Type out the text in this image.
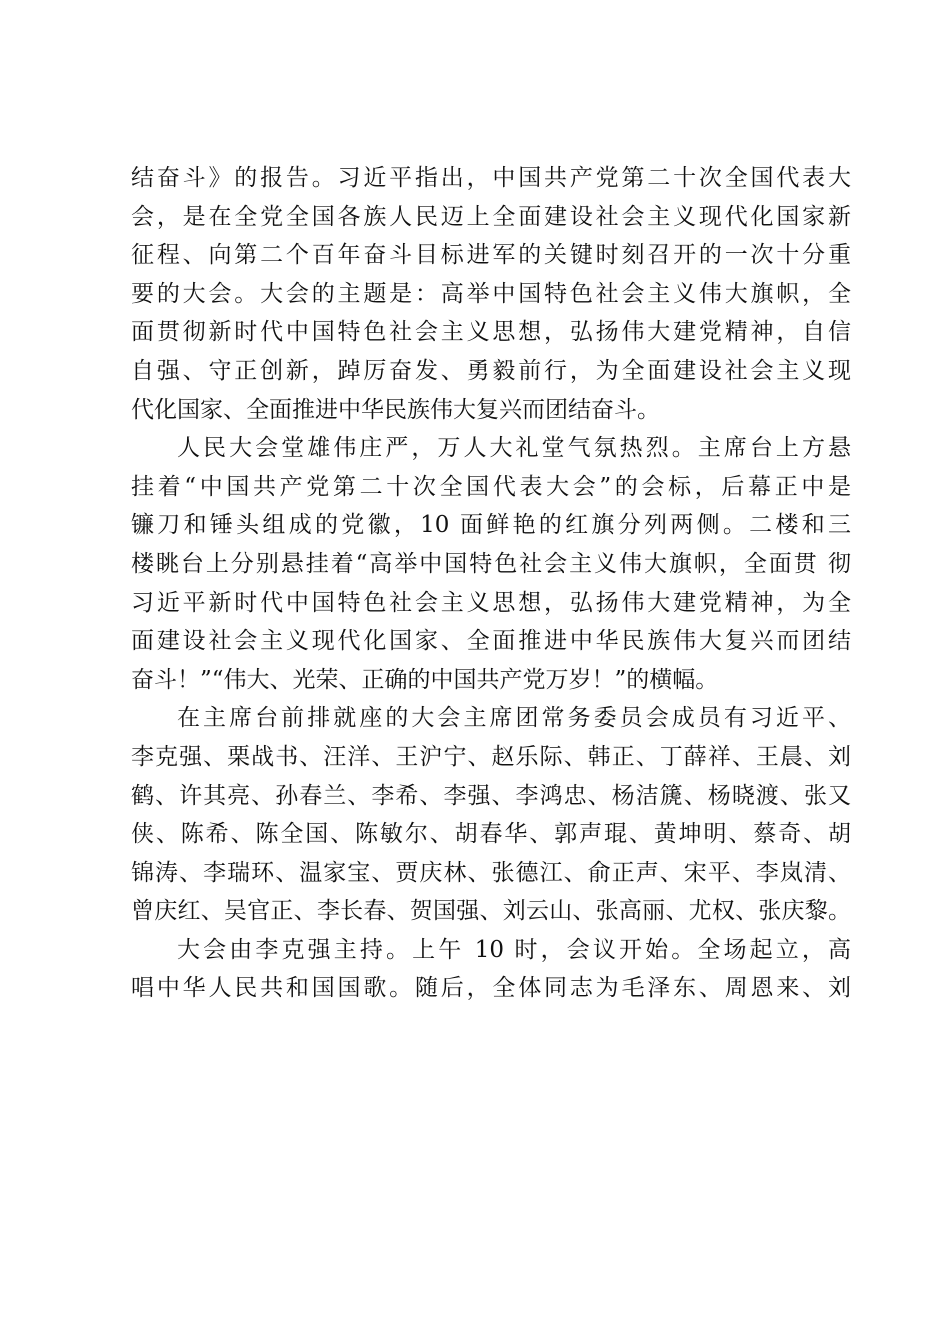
结奋斗》的报告。习近平指出，中国共产党第二十次全国代表大
会，是在全党全国各族人民迈上全面建设社会主义现代化国家新
征程、向第二个百年奋斗目标进军的关键时刻召开的一次十分重
要的大会。大会的主题是：高举中国特色社会主义伟大旗帜，全
面贯彻新时代中国特色社会主义思想，弘扬伟大建党精神，自信
自强、守正创新，踔厉奋发、勇毅前行，为全面建设社会主义现
代化国家、全面推进中华民族伟大复兴而团结奋斗。
人民大会堂雄伟庄严，万人大礼堂气氛热烈。主席台上方悬
挂着“中国共产党第二十次全国代表大会”的会标，后幕正中是
镰刀和锤头组成的党徽，10 面鲜艳的红旗分列两侧。二楼和三
楼眺台上分别悬挂着“高举中国特色社会主义伟大旗帜，全面贯 彻
习近平新时代中国特色社会主义思想，弘扬伟大建党精神，为全
面建设社会主义现代化国家、全面推进中华民族伟大复兴而团结
奋斗！”“伟大、光荣、正确的中国共产党万岁！”的横幅。
在主席台前排就座的大会主席团常务委员会成员有习近平、
李克强、栗战书、汪洋、王沪宁、赵乐际、韩正、丁薛祥、王晨、刘
鹤、许其亮、孙春兰、李希、李强、李鸿忠、杨洁篪、杨晓渡、张又
侠、陈希、陈全国、陈敏尔、胡春华、郭声琨、黄坤明、蔡奇、胡
锦涛、李瑞环、温家宝、贾庆林、张德江、俞正声、宋平、李岚清、
曾庆红、吴官正、李长春、贺国强、刘云山、张高丽、尤权、张庆黎。
大会由李克强主持。上午 10 时，会议开始。全场起立，高
唱中华人民共和国国歌。随后，全体同志为毛泽东、周恩来、刘
